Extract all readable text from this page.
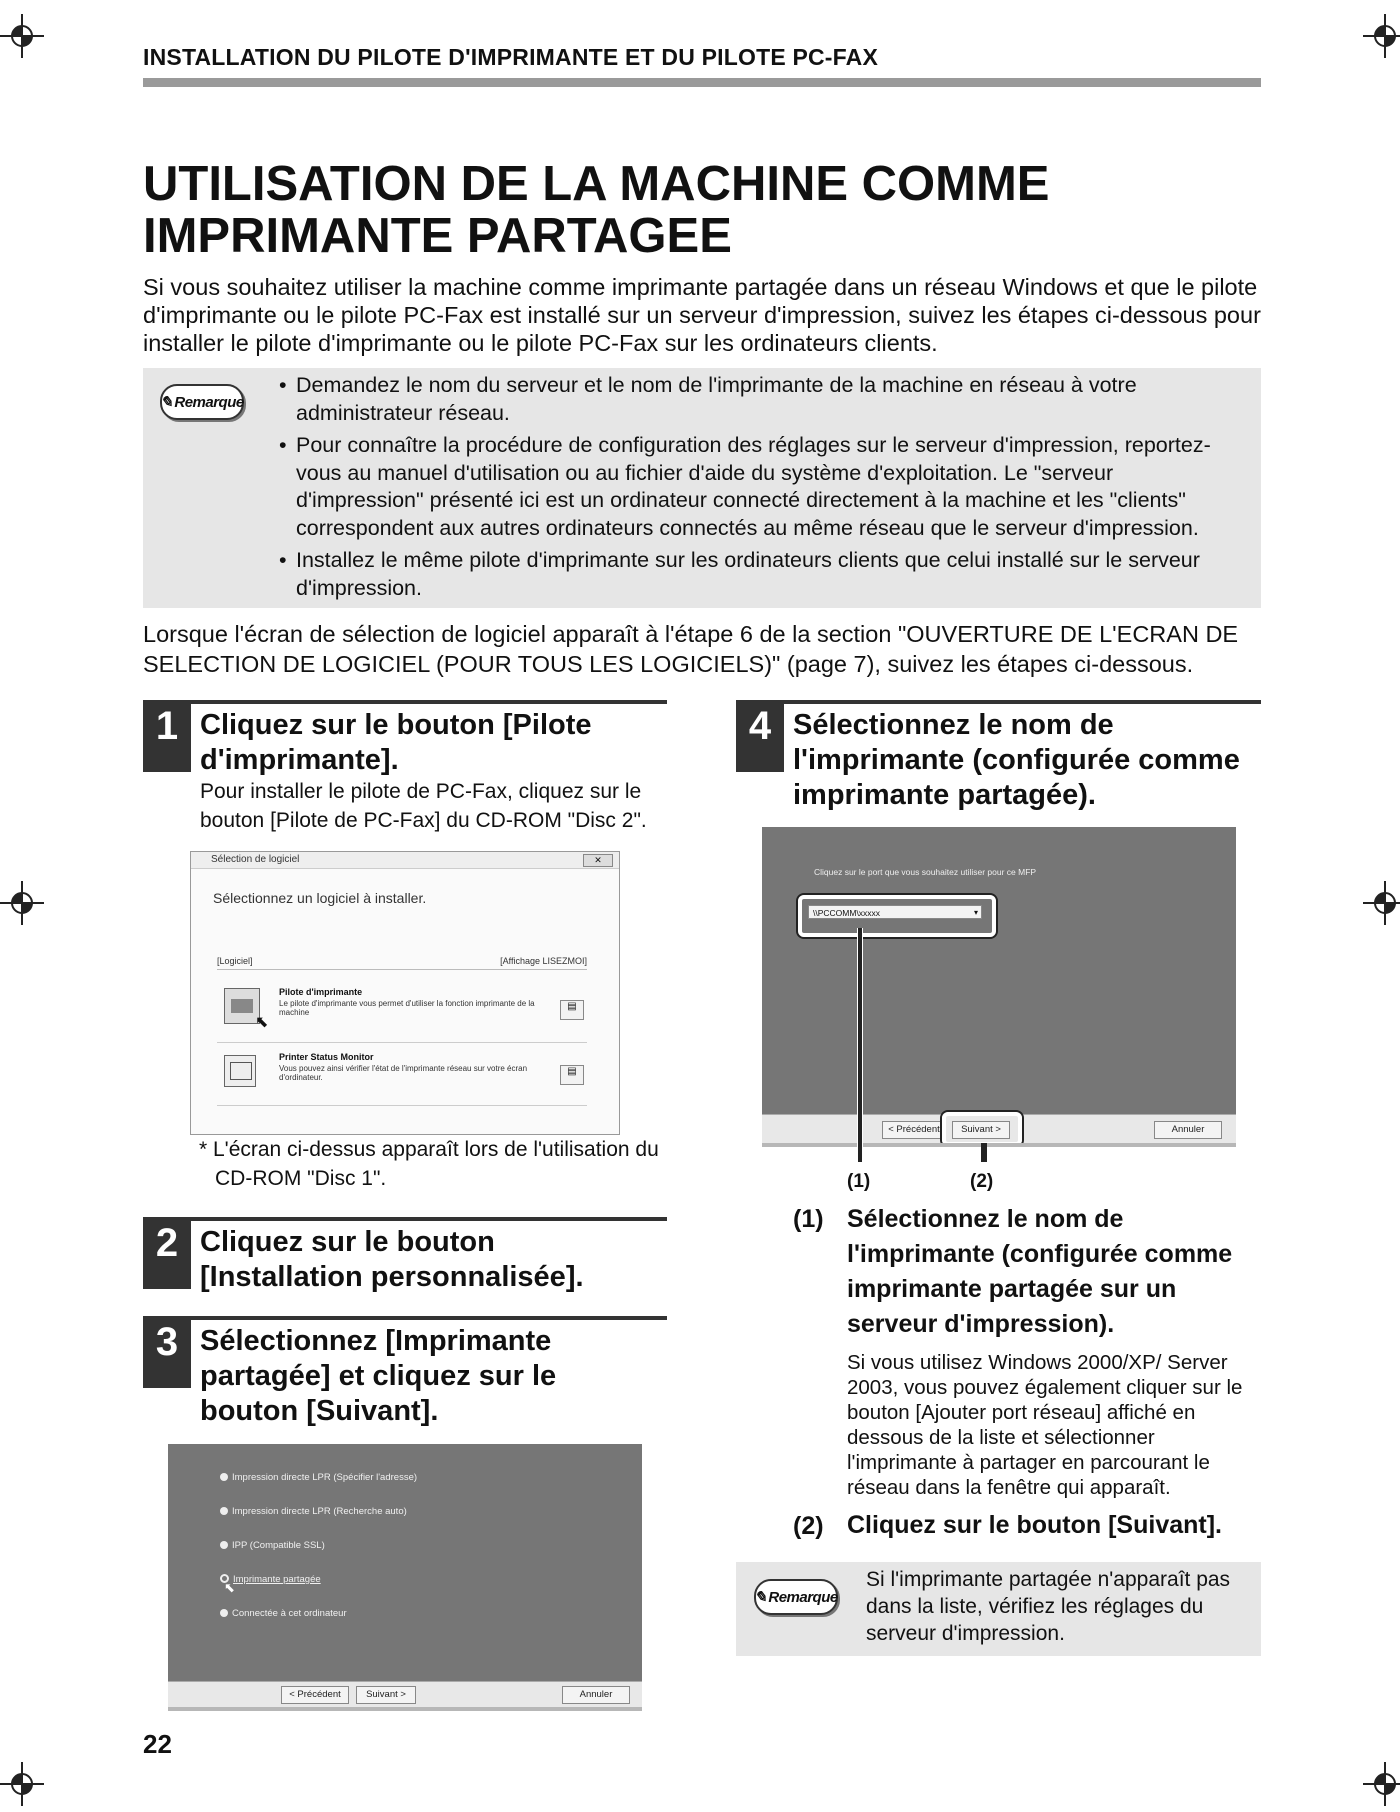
INSTALLATION DU PILOTE D'IMPRIMANTE ET DU PILOTE PC-FAX
UTILISATION DE LA MACHINE COMME
IMPRIMANTE PARTAGEE
Si vous souhaitez utiliser la machine comme imprimante partagée dans un réseau Windows et que le pilote d'imprimante ou le pilote PC-Fax est installé sur un serveur d'impression, suivez les étapes ci-dessous pour installer le pilote d'imprimante ou le pilote PC-Fax sur les ordinateurs clients.
✎ Remarque
• Demandez le nom du serveur et le nom de l'imprimante de la machine en réseau à votre administrateur réseau.
• Pour connaître la procédure de configuration des réglages sur le serveur d'impression, reportez-vous au manuel d'utilisation ou au fichier d'aide du système d'exploitation. Le "serveur d'impression" présenté ici est un ordinateur connecté directement à la machine et les "clients" correspondent aux autres ordinateurs connectés au même réseau que le serveur d'impression.
• Installez le même pilote d'imprimante sur les ordinateurs clients que celui installé sur le serveur d'impression.
Lorsque l'écran de sélection de logiciel apparaît à l'étape 6 de la section "OUVERTURE DE L'ECRAN DE SELECTION DE LOGICIEL (POUR TOUS LES LOGICIELS)" (page 7), suivez les étapes ci-dessous.
1 Cliquez sur le bouton [Pilote d'imprimante].
Pour installer le pilote de PC-Fax, cliquez sur le bouton [Pilote de PC-Fax] du CD-ROM "Disc 2".
Sélection de logiciel	✕
Sélectionnez un logiciel à installer.
[Logiciel]	[Affichage LISEZMOI]
⬉
Pilote d'imprimante
Le pilote d'imprimante vous permet d'utiliser la fonction imprimante de la machine
▤
Printer Status Monitor
Vous pouvez ainsi vérifier l'état de l'imprimante réseau sur votre écran d'ordinateur.
▤
* L'écran ci-dessus apparaît lors de l'utilisation du CD-ROM "Disc 1".
2 Cliquez sur le bouton [Installation personnalisée].
3 Sélectionnez [Imprimante partagée] et cliquez sur le bouton [Suivant].
Impression directe LPR (Spécifier l'adresse)
Impression directe LPR (Recherche auto)
IPP (Compatible SSL)
Imprimante partagée
⬉
Connectée à cet ordinateur
< Précédent	Suivant >	Annuler
4 Sélectionnez le nom de l'imprimante (configurée comme imprimante partagée).
Cliquez sur le port que vous souhaitez utiliser pour ce MFP
\\PCCOMM\xxxxx	▾
< Précédent	Suivant >	Annuler
(1)	(2)
(1) Sélectionnez le nom de l'imprimante (configurée comme imprimante partagée sur un serveur d'impression).
Si vous utilisez Windows 2000/XP/ Server 2003, vous pouvez également cliquer sur le bouton [Ajouter port réseau] affiché en dessous de la liste et sélectionner l'imprimante à partager en parcourant le réseau dans la fenêtre qui apparaît.
(2) Cliquez sur le bouton [Suivant].
✎ Remarque
Si l'imprimante partagée n'apparaît pas dans la liste, vérifiez les réglages du serveur d'impression.
22
